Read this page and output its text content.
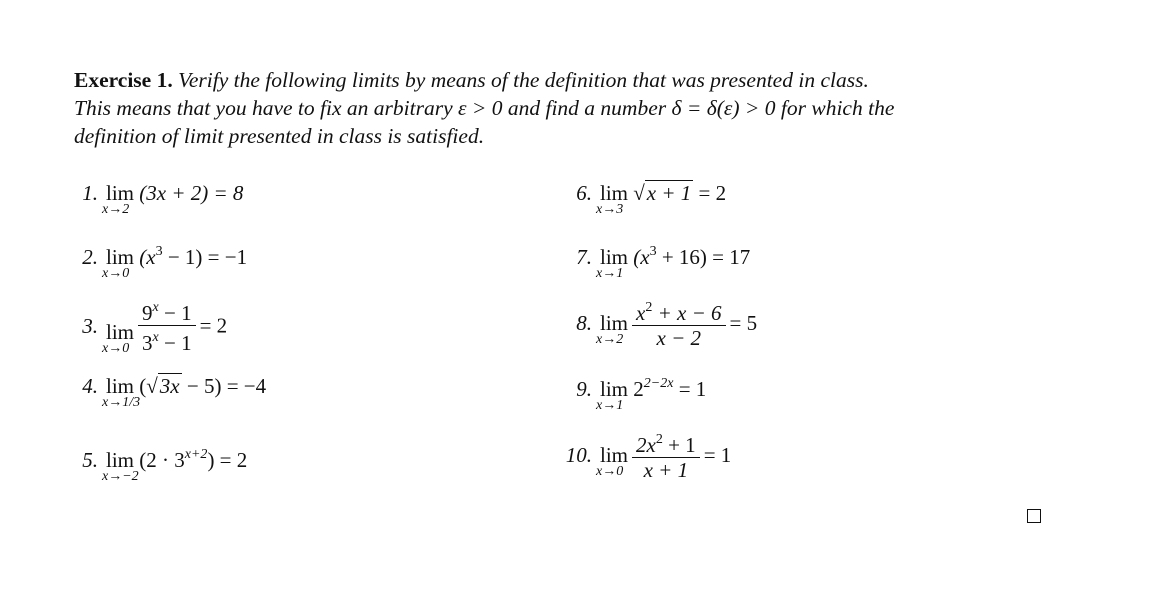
Exercise 1. Verify the following limits by means of the definition that was presented in class.
This means that you have to fix an arbitrary ε > 0 and find a number δ = δ(ε) > 0 for which the
definition of limit presented in class is satisfied.
1. lim
x→2
(3x + 2) = 8
2. lim
x→0
$(x^3 - 1) = -1$
3. lim
$x\to 0 \frac{9^x - 1}{3^x - 1} = 2$
4. lim
x→1/3
(√3x − 5) = −4
5. lim
x→−2
$(2 \cdot 3^{x+2}) = 2$
6. lim
x→3
√x + 1 = 2
7. lim
x→1
$(x^3 + 16) = 17$
8. lim
$x\to 2 \frac{x^2 + x - 6}{x - 2} = 5$
9. lim
x→1
$2^{2-2x} = 1$
10. lim
$x\to 0 \frac{2x^2 + 1}{x + 1} = 1$
